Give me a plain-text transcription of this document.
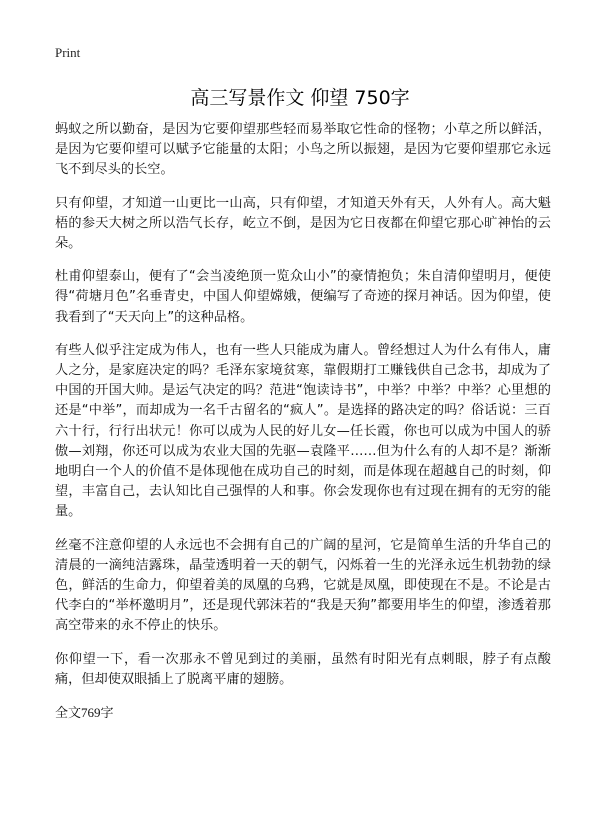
Print
高三写景作文 仰望 750字

蚂蚁之所以勤奋，是因为它要仰望那些轻而易举取它性命的怪物；小草之所以鲜活，是因为它要仰望可以赋予它能量的太阳；小鸟之所以振翅，是因为它要仰望那它永远飞不到尽头的长空。

只有仰望，才知道一山更比一山高，只有仰望，才知道天外有天，人外有人。高大魁梧的参天大树之所以浩气长存，屹立不倒，是因为它日夜都在仰望它那心旷神怡的云朵。

杜甫仰望泰山，便有了“会当凌绝顶一览众山小”的豪情抱负；朱自清仰望明月，便使得“荷塘月色”名垂青史，中国人仰望嫦娥，便编写了奇迹的探月神话。因为仰望，使我看到了“天天向上”的这种品格。

有些人似乎注定成为伟人，也有一些人只能成为庸人。曾经想过人为什么有伟人，庸人之分，是家庭决定的吗？毛泽东家境贫寒，靠假期打工赚钱供自己念书，却成为了中国的开国大帅。是运气决定的吗？范进“饱读诗书”，中举？中举？中举？心里想的还是“中举”，而却成为一名千古留名的“疯人”。是选择的路决定的吗？俗话说：三百六十行，行行出状元！你可以成为人民的好儿女—任长霞，你也可以成为中国人的骄傲—刘翔，你还可以成为农业大国的先驱—袁隆平……但为什么有的人却不是？渐渐地明白一个人的价值不是体现他在成功自己的时刻，而是体现在超越自己的时刻，仰望，丰富自己，去认知比自己强悍的人和事。你会发现你也有过现在拥有的无穷的能量。

丝毫不注意仰望的人永远也不会拥有自己的广阔的星河，它是简单生活的升华自己的清晨的一滴纯洁露珠，晶莹透明着一天的朝气，闪烁着一生的光泽永远生机勃勃的绿色，鲜活的生命力，仰望着美的凤凰的乌鸦，它就是凤凰，即使现在不是。不论是古代李白的“举杯邀明月”，还是现代郭沫若的“我是天狗”都要用毕生的仰望，渗透着那高空带来的永不停止的快乐。

你仰望一下，看一次那永不曾见到过的美丽，虽然有时阳光有点刺眼，脖子有点酸痛，但却使双眼插上了脱离平庸的翅膀。

全文769字
